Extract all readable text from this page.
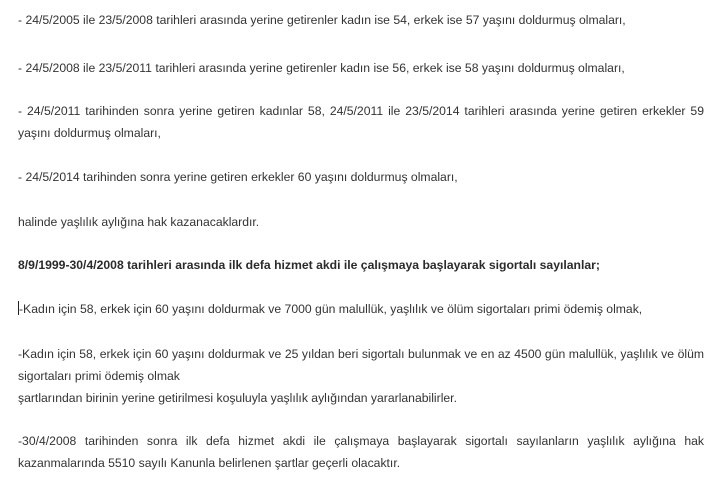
- 24/5/2005 ile 23/5/2008 tarihleri arasında yerine getirenler kadın ise 54, erkek ise 57 yaşını doldurmuş olmaları,

- 24/5/2008 ile 23/5/2011 tarihleri arasında yerine getirenler kadın ise 56, erkek ise 58 yaşını doldurmuş olmaları,

- 24/5/2011 tarihinden sonra yerine getiren kadınlar 58, 24/5/2011 ile 23/5/2014 tarihleri arasında yerine getiren erkekler 59 yaşını doldurmuş olmaları,

- 24/5/2014 tarihinden sonra yerine getiren erkekler 60 yaşını doldurmuş olmaları,

halinde yaşlılık aylığına hak kazanacaklardır.

8/9/1999-30/4/2008 tarihleri arasında ilk defa hizmet akdi ile çalışmaya başlayarak sigortalı sayılanlar;

-Kadın için 58, erkek için 60 yaşını doldurmak ve 7000 gün malullük, yaşlılık ve ölüm sigortaları primi ödemiş olmak,

-Kadın için 58, erkek için 60 yaşını doldurmak ve 25 yıldan beri sigortalı bulunmak ve en az 4500 gün malullük, yaşlılık ve ölüm sigortaları primi ödemiş olmak

şartlarından birinin yerine getirilmesi koşuluyla yaşlılık aylığından yararlanabilirler.

-30/4/2008 tarihinden sonra ilk defa hizmet akdi ile çalışmaya başlayarak sigortalı sayılanların yaşlılık aylığına hak kazanmalarında 5510 sayılı Kanunla belirlenen şartlar geçerli olacaktır.
